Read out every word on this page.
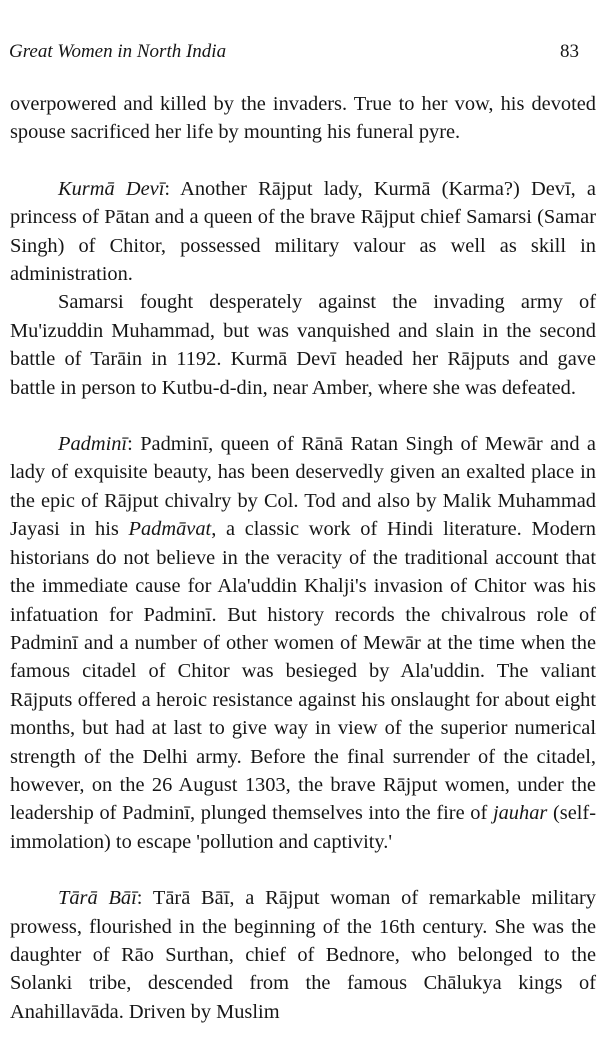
Great Women in North India	83

overpowered and killed by the invaders. True to her vow, his devoted spouse sacrificed her life by mounting his funeral pyre.

Kurmā Devī: Another Rājput lady, Kurmā (Karma?) Devī, a princess of Pātan and a queen of the brave Rājput chief Samarsi (Samar Singh) of Chitor, possessed military valour as well as skill in administration.

Samarsi fought desperately against the invading army of Mu'izuddin Muhammad, but was vanquished and slain in the second battle of Tarāin in 1192. Kurmā Devī headed her Rājputs and gave battle in person to Kutbu-d-din, near Amber, where she was defeated.

Padminī: Padminī, queen of Rānā Ratan Singh of Mewār and a lady of exquisite beauty, has been deservedly given an exalted place in the epic of Rājput chivalry by Col. Tod and also by Malik Muhammad Jayasi in his Padmāvat, a classic work of Hindi literature. Modern historians do not believe in the veracity of the traditional account that the immediate cause for Ala'uddin Khalji's invasion of Chitor was his infatuation for Padminī. But history records the chivalrous role of Padminī and a number of other women of Mewār at the time when the famous citadel of Chitor was besieged by Ala'uddin. The valiant Rājputs offered a heroic resistance against his onslaught for about eight months, but had at last to give way in view of the superior numerical strength of the Delhi army. Before the final surrender of the citadel, however, on the 26 August 1303, the brave Rājput women, under the leadership of Padminī, plunged themselves into the fire of jauhar (self-immolation) to escape 'pollution and captivity.'

Tārā Bāī: Tārā Bāī, a Rājput woman of remarkable military prowess, flourished in the beginning of the 16th century. She was the daughter of Rāo Surthan, chief of Bednore, who belonged to the Solanki tribe, descended from the famous Chālukya kings of Anahillavāda. Driven by Muslim
